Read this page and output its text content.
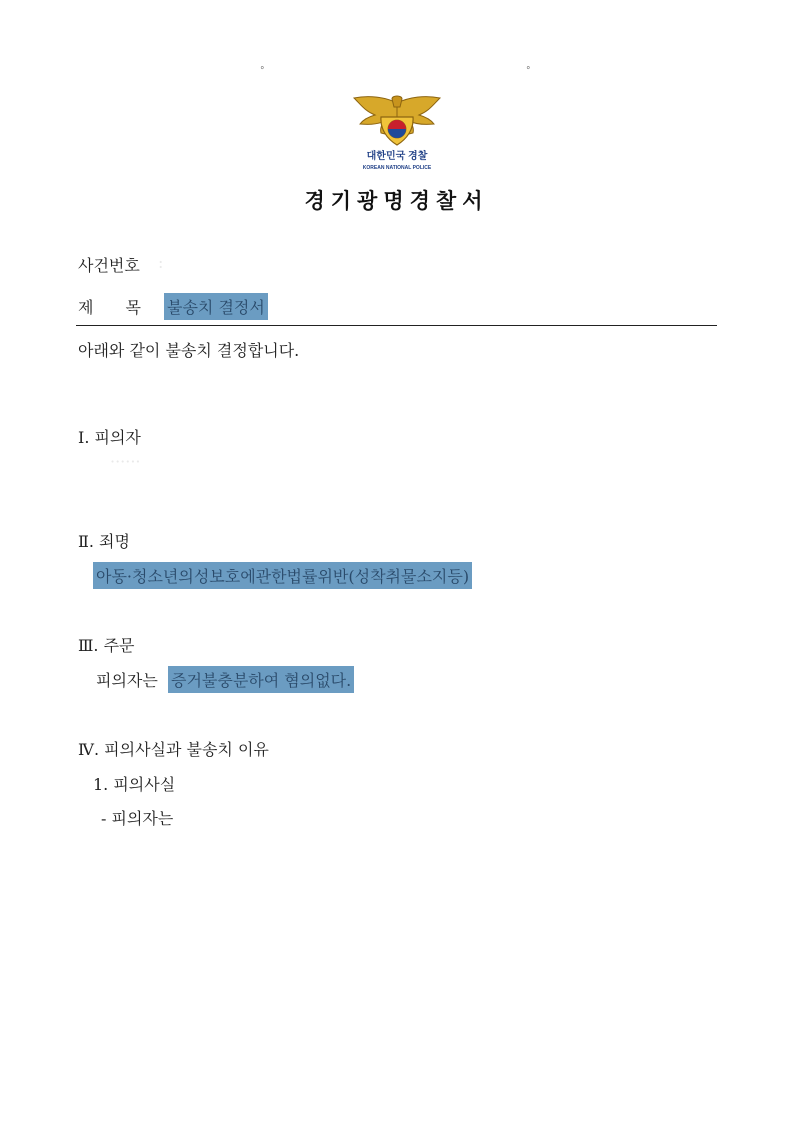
°	°
대한민국 경찰
KOREAN NATIONAL POLICE
경기광명경찰서
사건번호 :
제　　목 불송치 결정서
아래와 같이 불송치 결정합니다.
Ⅰ. 피의자
······
Ⅱ. 죄명
아동·청소년의성보호에관한법률위반(성착취물소지등)
Ⅲ. 주문
피의자는 증거불충분하여 혐의없다.
Ⅳ. 피의사실과 불송치 이유
1. 피의사실
- 피의자는
